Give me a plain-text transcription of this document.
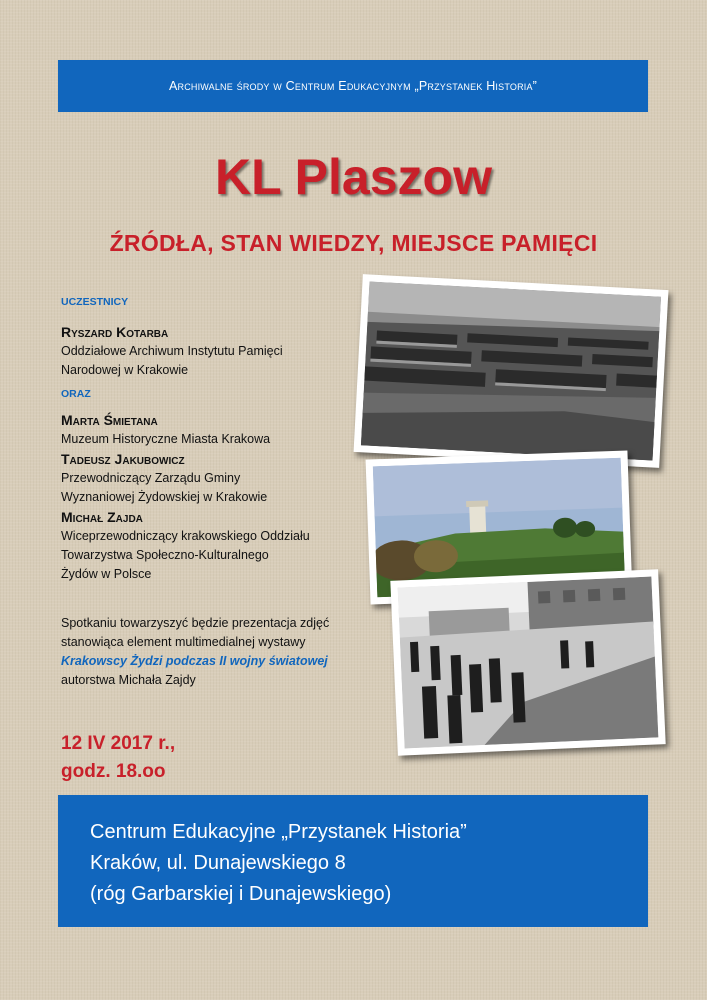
Archiwalne środy w Centrum Edukacyjnym „Przystanek Historia”
KL Plaszow
ŹRÓDŁA, STAN WIEDZY, MIEJSCE PAMIĘCI

UCZESTNICY

Ryszard Kotarba

Oddziałowe Archiwum Instytutu Pamięci

Narodowej w Krakowie

ORAZ

Marta Śmietana

Muzeum Historyczne Miasta Krakowa

Tadeusz Jakubowicz

Przewodniczący Zarządu Gminy

Wyznaniowej Żydowskiej w Krakowie

Michał Zajda

Wiceprzewodniczący krakowskiego Oddziału

Towarzystwa Społeczno-Kulturalnego

Żydów w Polsce

Spotkaniu towarzyszyć będzie prezentacja zdjęć
stanowiąca element multimedialnej wystawy
Krakowscy Żydzi podczas II wojny światowej
autorstwa Michała Zajdy
12 IV 2017 r.,
godz. 18.oo
Centrum Edukacyjne „Przystanek Historia”
Kraków, ul. Dunajewskiego 8
(róg Garbarskiej i Dunajewskiego)
